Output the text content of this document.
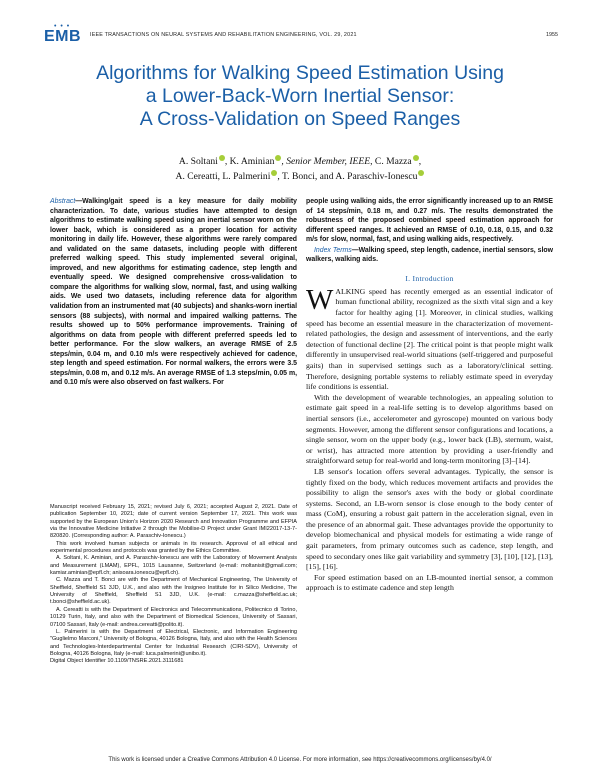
• • •
EMB IEEE TRANSACTIONS ON NEURAL SYSTEMS AND REHABILITATION ENGINEERING, VOL. 29, 2021	1955
Algorithms for Walking Speed Estimation Using
a Lower-Back-Worn Inertial Sensor:
A Cross-Validation on Speed Ranges
A. Soltani , K. Aminian , Senior Member, IEEE, C. Mazza ,
A. Cereatti, L. Palmerini , T. Bonci, and A. Paraschiv-Ionescu

Abstract—Walking/gait speed is a key measure for daily mobility characterization. To date, various studies have attempted to design algorithms to estimate walking speed using an inertial sensor worn on the lower back, which is considered as a proper location for activity monitoring in daily life. However, these algorithms were rarely compared and validated on the same datasets, including people with different preferred walking speed. This study implemented several original, improved, and new algorithms for estimating cadence, step length and eventually speed. We designed comprehensive cross-validation to compare the algorithms for walking slow, normal, fast, and using walking aids. We used two datasets, including reference data for algorithm validation from an instrumented mat (40 subjects) and shanks-worn inertial sensors (88 subjects), with normal and impaired walking patterns. The results showed up to 50% performance improvements. Training of algorithms on data from people with different preferred speeds led to better performance. For the slow walkers, an average RMSE of 2.5 steps/min, 0.04 m, and 0.10 m/s were respectively achieved for cadence, step length and speed estimation. For normal walkers, the errors were 3.5 steps/min, 0.08 m, and 0.12 m/s. An average RMSE of 1.3 steps/min, 0.05 m, and 0.10 m/s were also observed on fast walkers. For

Manuscript received February 15, 2021; revised July 6, 2021; accepted August 2, 2021. Date of publication September 10, 2021; date of current version September 17, 2021. This work was supported by the European Union's Horizon 2020 Research and Innovation Programme and EFPIA via the Innovative Medicine Initiative 2 through the Mobilise-D Project under Grant IMI22017-13-7-820820. (Corresponding author: A. Paraschiv-Ionescu.)

This work involved human subjects or animals in its research. Approval of all ethical and experimental procedures and protocols was granted by the Ethics Committee.

A. Soltani, K. Aminian, and A. Paraschiv-Ionescu are with the Laboratory of Movement Analysis and Measurement (LMAM), EPFL, 1015 Lausanne, Switzerland (e-mail: moltanisit@gmail.com; kamiar.aminian@epfl.ch; anisoara.ionescu@epfl.ch).

C. Mazza and T. Bonci are with the Department of Mechanical Engineering, The University of Sheffield, Sheffield S1 3JD, U.K., and also with the Insigneo Institute for in Silico Medicine, The University of Sheffield, Sheffield S1 3JD, U.K. (e-mail: c.mazza@sheffield.ac.uk; t.bonci@sheffield.ac.uk).

A. Cereatti is with the Department of Electronics and Telecommunications, Politecnico di Torino, 10129 Turin, Italy, and also with the Department of Biomedical Sciences, University of Sassari, 07100 Sassari, Italy (e-mail: andrea.cereatti@polito.it).

L. Palmerini is with the Department of Electrical, Electronic, and Information Engineering "Guglielmo Marconi," University of Bologna, 40126 Bologna, Italy, and also with the Health Sciences and Technologies-Interdepartmental Center for Industrial Research (CIRI-SDV), University of Bologna, 40126 Bologna, Italy (e-mail: luca.palmerini@unibo.it).

Digital Object Identifier 10.1109/TNSRE.2021.3111681

people using walking aids, the error significantly increased up to an RMSE of 14 steps/min, 0.18 m, and 0.27 m/s. The results demonstrated the robustness of the proposed combined speed estimation approach for different speed ranges. It achieved an RMSE of 0.10, 0.18, 0.15, and 0.32 m/s for slow, normal, fast, and using walking aids, respectively.

Index Terms—Walking speed, step length, cadence, inertial sensors, slow walkers, walking aids.

I. Introduction

WALKING speed has recently emerged as an essential indicator of human functional ability, recognized as the sixth vital sign and a key factor for healthy aging [1]. Moreover, in clinical studies, walking speed has become an essential measure in the characterization of movement-related pathologies, the design and assessment of interventions, and the early detection of functional decline [2]. The critical point is that people might walk differently in unsupervised real-world situations (self-triggered and purposeful gaits) than in supervised settings such as a laboratory/clinical setting. Therefore, designing portable systems to reliably estimate speed in everyday life conditions is essential.

With the development of wearable technologies, an appealing solution to estimate gait speed in a real-life setting is to develop algorithms based on inertial sensors (i.e., accelerometer and gyroscope) mounted on various body segments. However, among the different sensor configurations and locations, a single sensor, worn on the upper body (e.g., lower back (LB), sternum, waist, or wrist), has attracted more attention by providing a user-friendly and straightforward setup for real-world and long-term monitoring [3]–[14].

LB sensor's location offers several advantages. Typically, the sensor is tightly fixed on the body, which reduces movement artifacts and provides the possibility to align the sensor's axes with the body or global coordinate systems. Second, an LB-worn sensor is close enough to the body center of mass (CoM), ensuring a robust gait pattern in the acceleration signal, even in the presence of an abnormal gait. These advantages provide the opportunity to develop biomechanical and physical models for estimating a wide range of gait parameters, from primary outcomes such as cadence, step length, and speed to secondary ones like gait variability and symmetry [3], [10], [12], [13], [15], [16].

For speed estimation based on an LB-mounted inertial sensor, a common approach is to estimate cadence and step length

This work is licensed under a Creative Commons Attribution 4.0 License. For more information, see https://creativecommons.org/licenses/by/4.0/
